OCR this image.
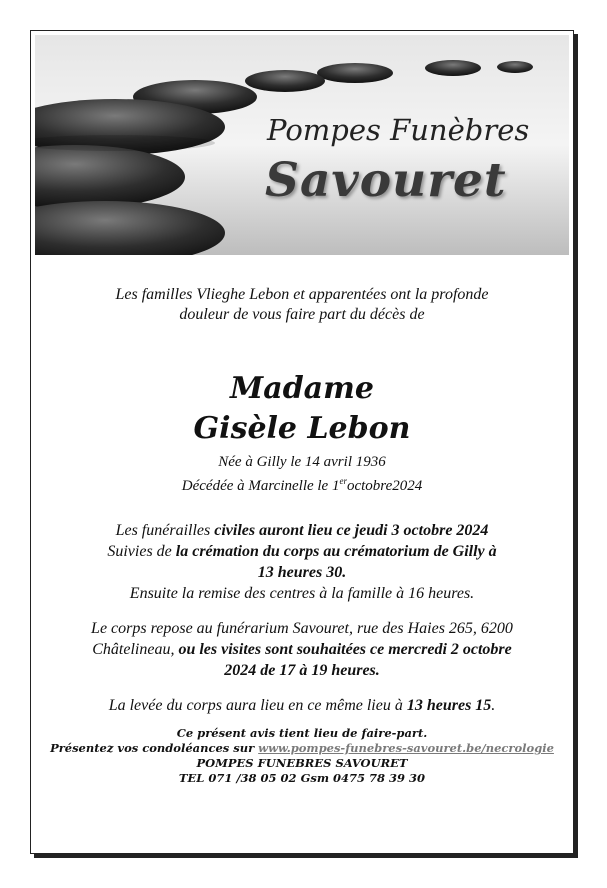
Pompes Funèbres
Savouret

Les familles Vlieghe Lebon et apparentées ont la profonde
douleur de vous faire part du décès de

Madame

Gisèle Lebon

Née à Gilly le 14 avril 1936
Décédée à Marcinelle le 1eroctobre2024
Les funérailles civiles auront lieu ce jeudi 3 octobre 2024
Suivies de la crémation du corps au crématorium de Gilly à
13 heures 30.
Ensuite la remise des centres à la famille à 16 heures.
Le corps repose au funérarium Savouret, rue des Haies 265, 6200
Châtelineau, ou les visites sont souhaitées ce mercredi 2 octobre
2024 de 17 à 19 heures.
La levée du corps aura lieu en ce même lieu à 13 heures 15.
Ce présent avis tient lieu de faire-part.
Présentez vos condoléances sur www.pompes-funebres-savouret.be/necrologie
POMPES FUNEBRES SAVOURET
TEL 071 /38 05 02 Gsm 0475 78 39 30
